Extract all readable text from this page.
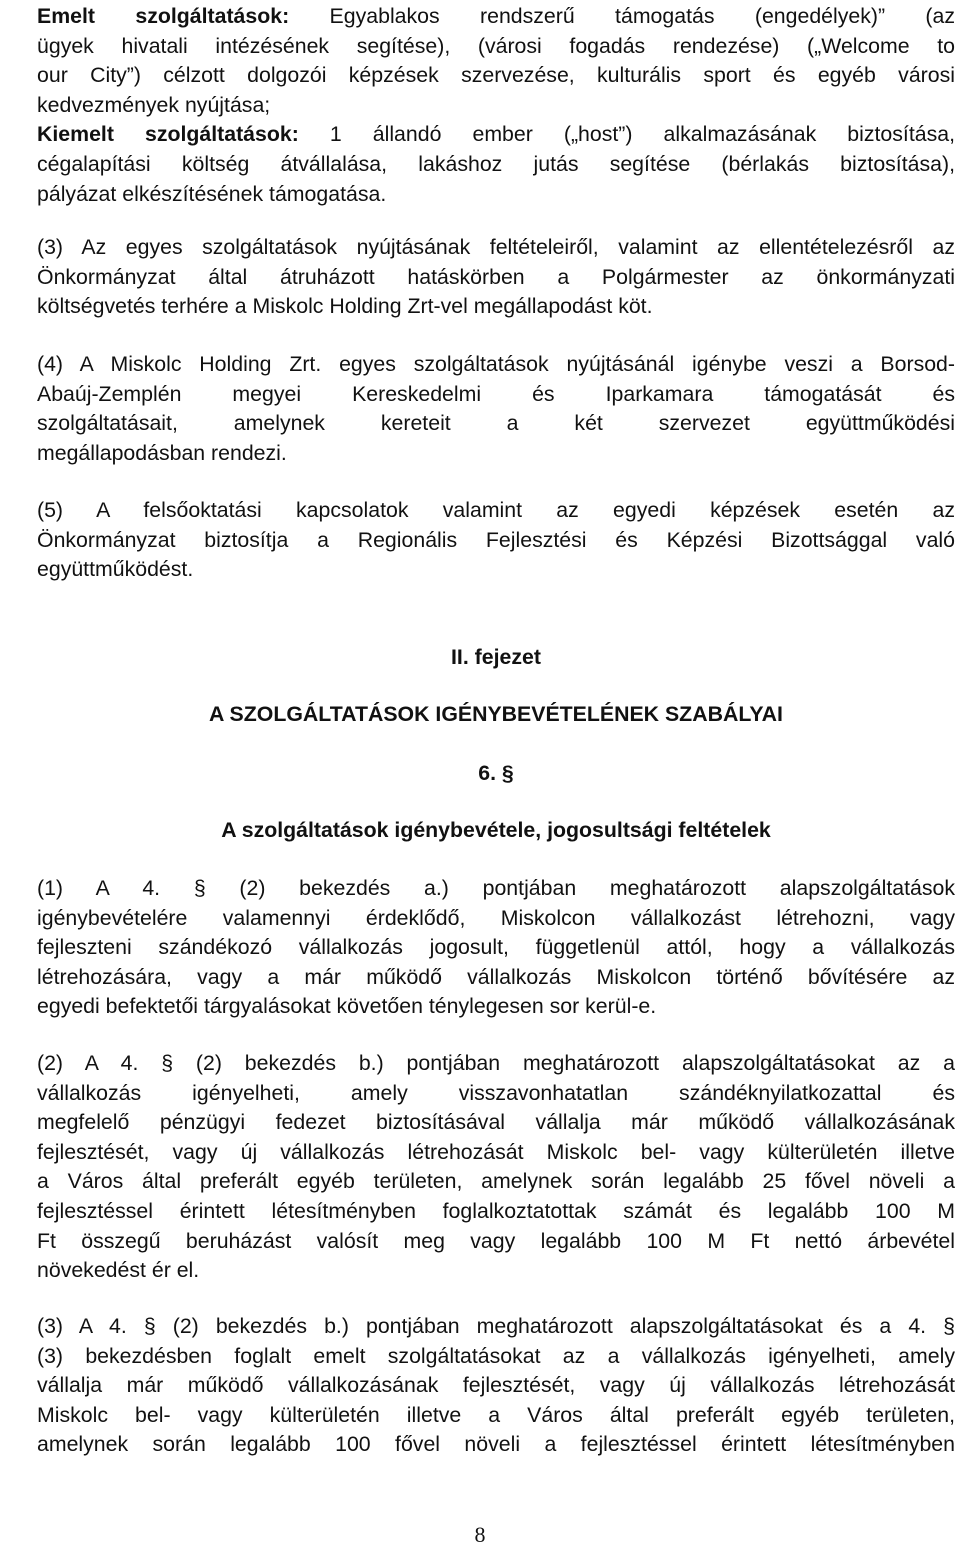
Emelt szolgáltatások: Egyablakos rendszerű támogatás (engedélyek)” (az
ügyek hivatali intézésének segítése), (városi fogadás rendezése) („Welcome to
our City”) célzott dolgozói képzések szervezése, kulturális sport és egyéb városi
kedvezmények nyújtása;
Kiemelt szolgáltatások: 1 állandó ember („host”) alkalmazásának biztosítása,
cégalapítási költség átvállalása, lakáshoz jutás segítése (bérlakás biztosítása),
pályázat elkészítésének támogatása.
(3) Az egyes szolgáltatások nyújtásának feltételeiről, valamint az ellentételezésről az
Önkormányzat által átruházott hatáskörben a Polgármester az önkormányzati
költségvetés terhére a Miskolc Holding Zrt-vel megállapodást köt.
(4) A Miskolc Holding Zrt. egyes szolgáltatások nyújtásánál igénybe veszi a Borsod-
Abaúj-Zemplén megyei Kereskedelmi és Iparkamara támogatását és
szolgáltatásait, amelynek kereteit a két szervezet együttműködési
megállapodásban rendezi.
(5) A felsőoktatási kapcsolatok valamint az egyedi képzések esetén az
Önkormányzat biztosítja a Regionális Fejlesztési és Képzési Bizottsággal való
együttműködést.
II. fejezet
A SZOLGÁLTATÁSOK IGÉNYBEVÉTELÉNEK SZABÁLYAI
6. §
A szolgáltatások igénybevétele, jogosultsági feltételek
(1) A 4. § (2) bekezdés a.) pontjában meghatározott alapszolgáltatások
igénybevételére valamennyi érdeklődő, Miskolcon vállalkozást létrehozni, vagy
fejleszteni szándékozó vállalkozás jogosult, függetlenül attól, hogy a vállalkozás
létrehozására, vagy a már működő vállalkozás Miskolcon történő bővítésére az
egyedi befektetői tárgyalásokat követően ténylegesen sor kerül-e.
(2) A 4. § (2) bekezdés b.) pontjában meghatározott alapszolgáltatásokat az a
vállalkozás igényelheti, amely visszavonhatatlan szándéknyilatkozattal és
megfelelő pénzügyi fedezet biztosításával vállalja már működő vállalkozásának
fejlesztését, vagy új vállalkozás létrehozását Miskolc bel- vagy külterületén illetve
a Város által preferált egyéb területen, amelynek során legalább 25 fővel növeli a
fejlesztéssel érintett létesítményben foglalkoztatottak számát és legalább 100 M
Ft összegű beruházást valósít meg vagy legalább 100 M Ft nettó árbevétel
növekedést ér el.
(3) A 4. § (2) bekezdés b.) pontjában meghatározott alapszolgáltatásokat és a 4. §
(3) bekezdésben foglalt emelt szolgáltatásokat az a vállalkozás igényelheti, amely
vállalja már működő vállalkozásának fejlesztését, vagy új vállalkozás létrehozását
Miskolc bel- vagy külterületén illetve a Város által preferált egyéb területen,
amelynek során legalább 100 fővel növeli a fejlesztéssel érintett létesítményben
8
